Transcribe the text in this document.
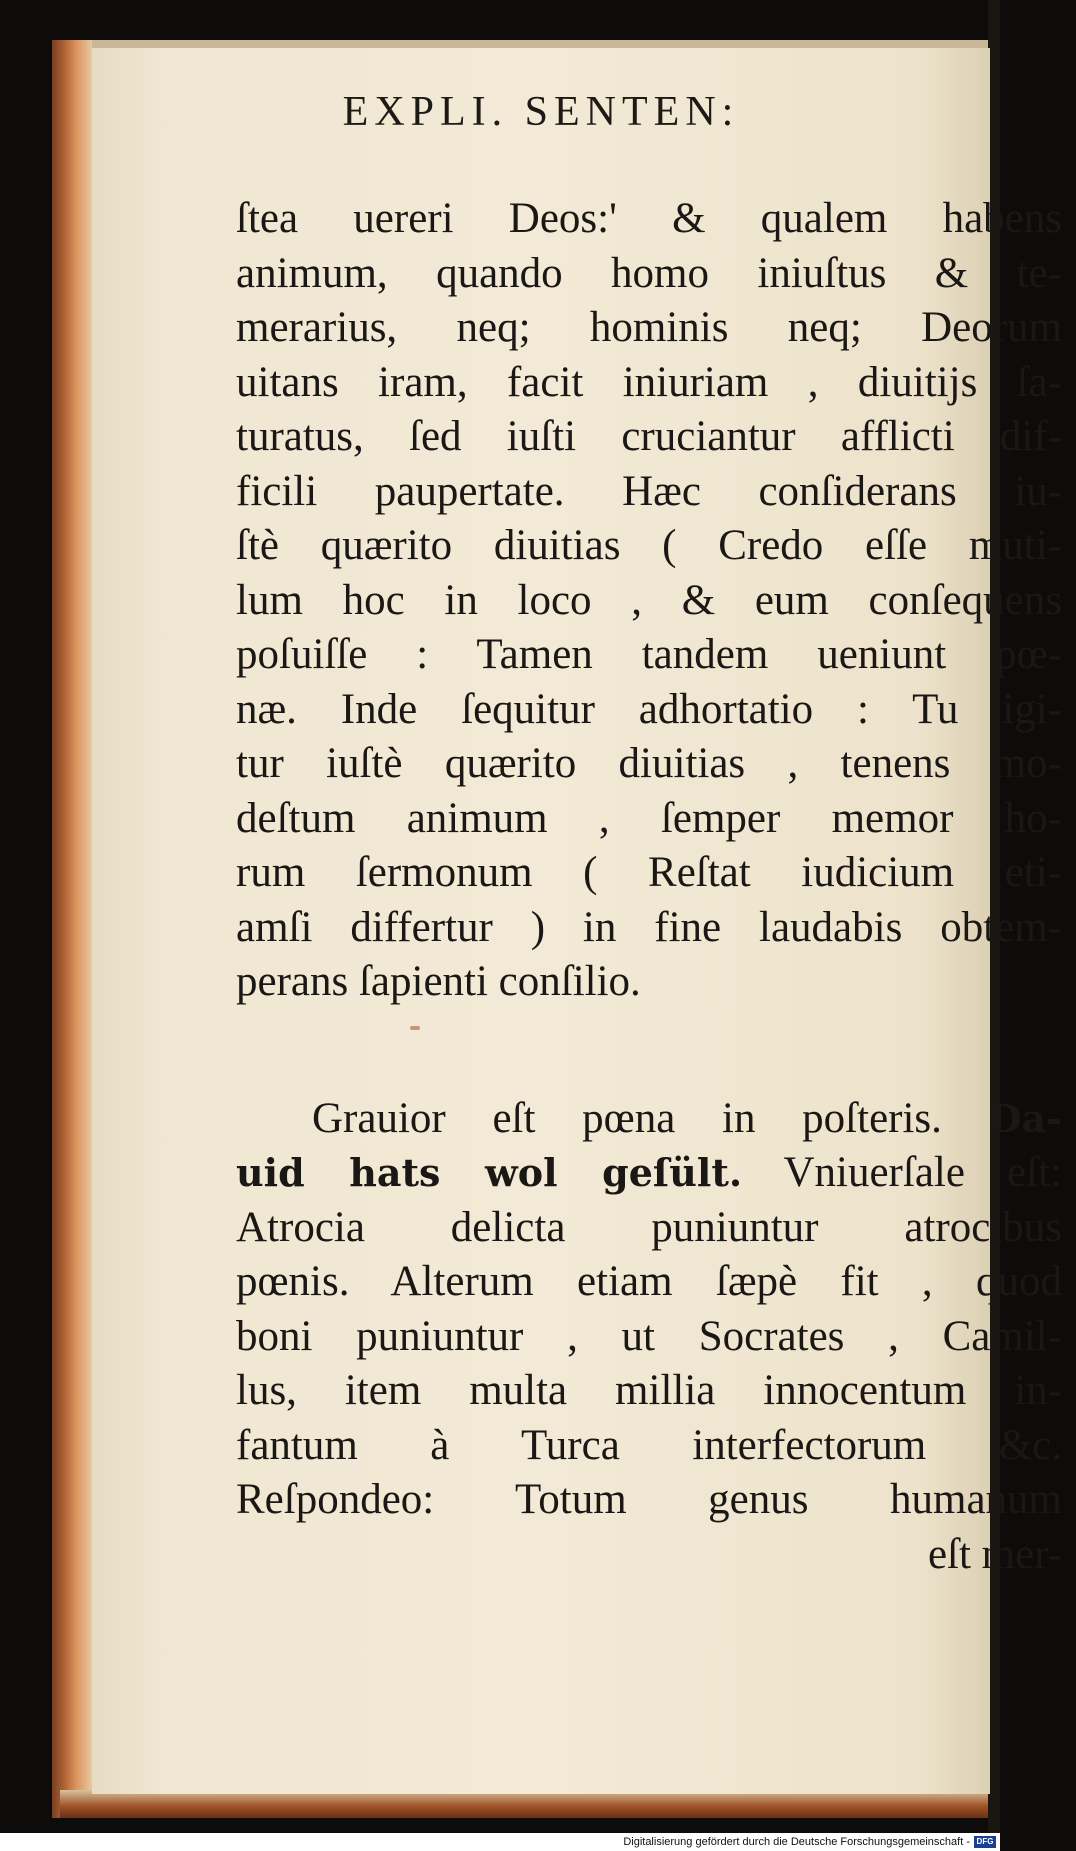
EXPLI. SENTEN:
ſtea uereri Deos:' & qualem habens
animum, quando homo iniuſtus & te-
merarius, neq; hominis neq; Deorum
uitans iram, facit iniuriam , diuitijs ſa-
turatus, ſed iuſti cruciantur afflicti dif-
ficili paupertate. Hæc conſiderans iu-
ſtè quærito diuitias ( Credo eſſe muti-
lum hoc in loco , & eum conſequens
poſuiſſe : Tamen tandem ueniunt pœ-
næ. Inde ſequitur adhortatio : Tu igi-
tur iuſtè quærito diuitias , tenens mo-
deſtum animum , ſemper memor ho-
rum ſermonum ( Reſtat iudicium eti-
amſi differtur ) in fine laudabis obtem-
perans ſapienti conſilio.
Grauior eſt pœna in poſteris. Da-
uid hats wol geſült. Vniuerſale eſt:
Atrocia delicta puniuntur atrocibus
pœnis. Alterum etiam ſæpè fit , quod
boni puniuntur , ut Socrates , Camil-
lus, item multa millia innocentum in-
fantum à Turca interfectorum &c.
Reſpondeo: Totum genus humanum
eſt mer-
Digitalisierung gefördert durch die Deutsche Forschungsgemeinschaft - DFG
